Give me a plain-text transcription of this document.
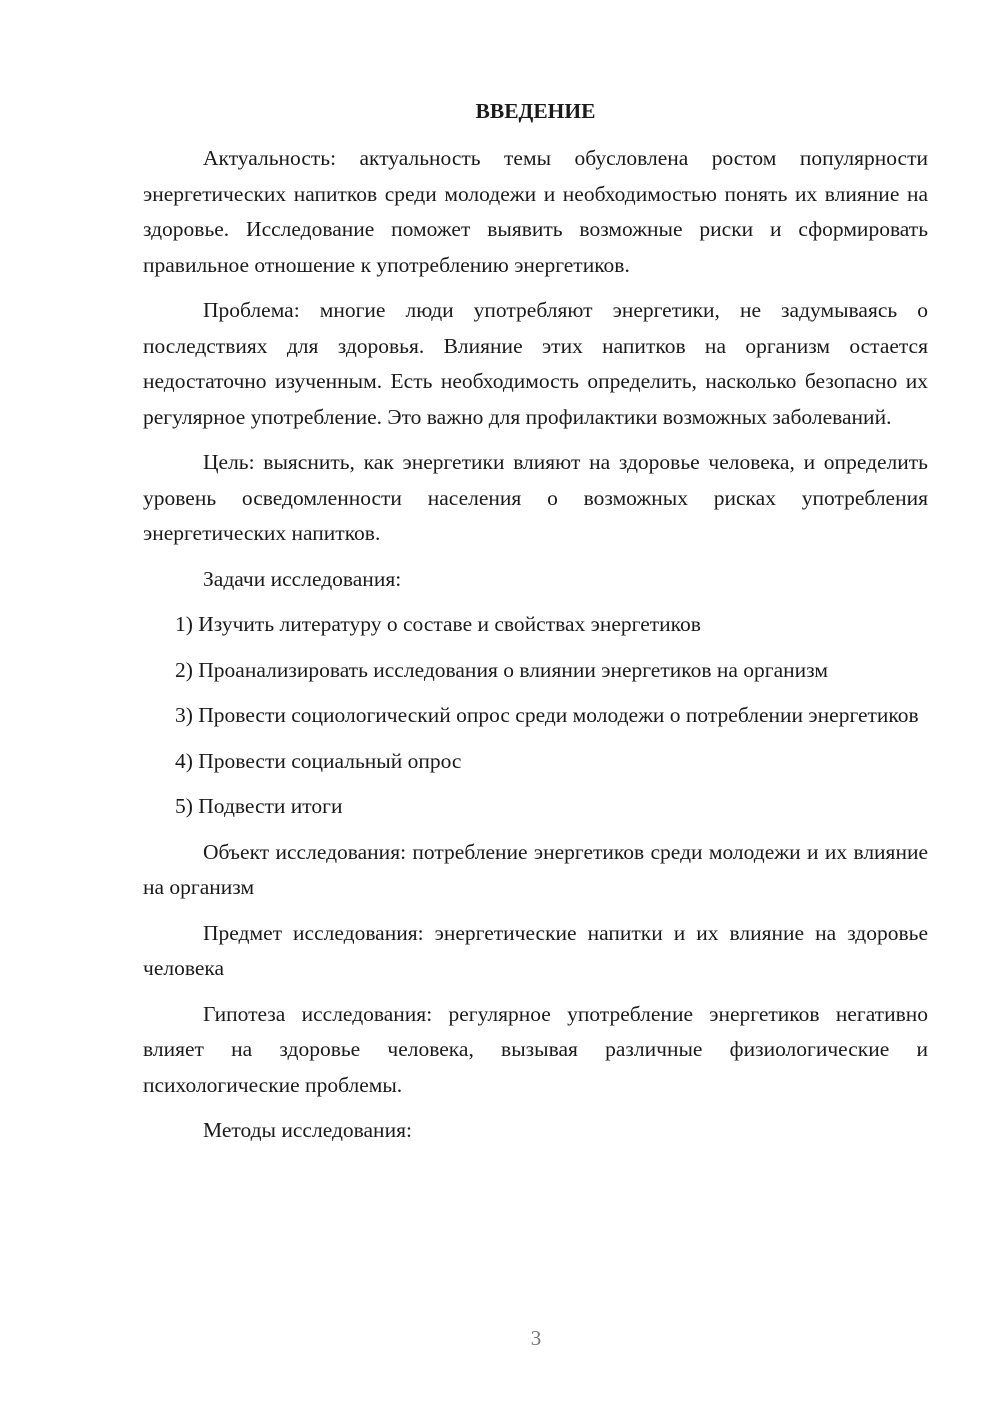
ВВЕДЕНИЕ

Актуальность: актуальность темы обусловлена ростом популярности энергетических напитков среди молодежи и необходимостью понять их влияние на здоровье. Исследование поможет выявить возможные риски и сформировать правильное отношение к употреблению энергетиков.

Проблема: многие люди употребляют энергетики, не задумываясь о последствиях для здоровья. Влияние этих напитков на организм остается недостаточно изученным. Есть необходимость определить, насколько безопасно их регулярное употребление. Это важно для профилактики возможных заболеваний.

Цель: выяснить, как энергетики влияют на здоровье человека, и определить уровень осведомленности населения о возможных рисках употребления энергетических напитков.

Задачи исследования:

1) Изучить литературу о составе и свойствах энергетиков

2) Проанализировать исследования о влиянии энергетиков на организм

3) Провести социологический опрос среди молодежи о потреблении энергетиков

4) Провести социальный опрос

5) Подвести итоги

Объект исследования: потребление энергетиков среди молодежи и их влияние на организм

Предмет исследования: энергетические напитки и их влияние на здоровье человека

Гипотеза исследования: регулярное употребление энергетиков негативно влияет на здоровье человека, вызывая различные физиологические и психологические проблемы.

Методы исследования:

3
